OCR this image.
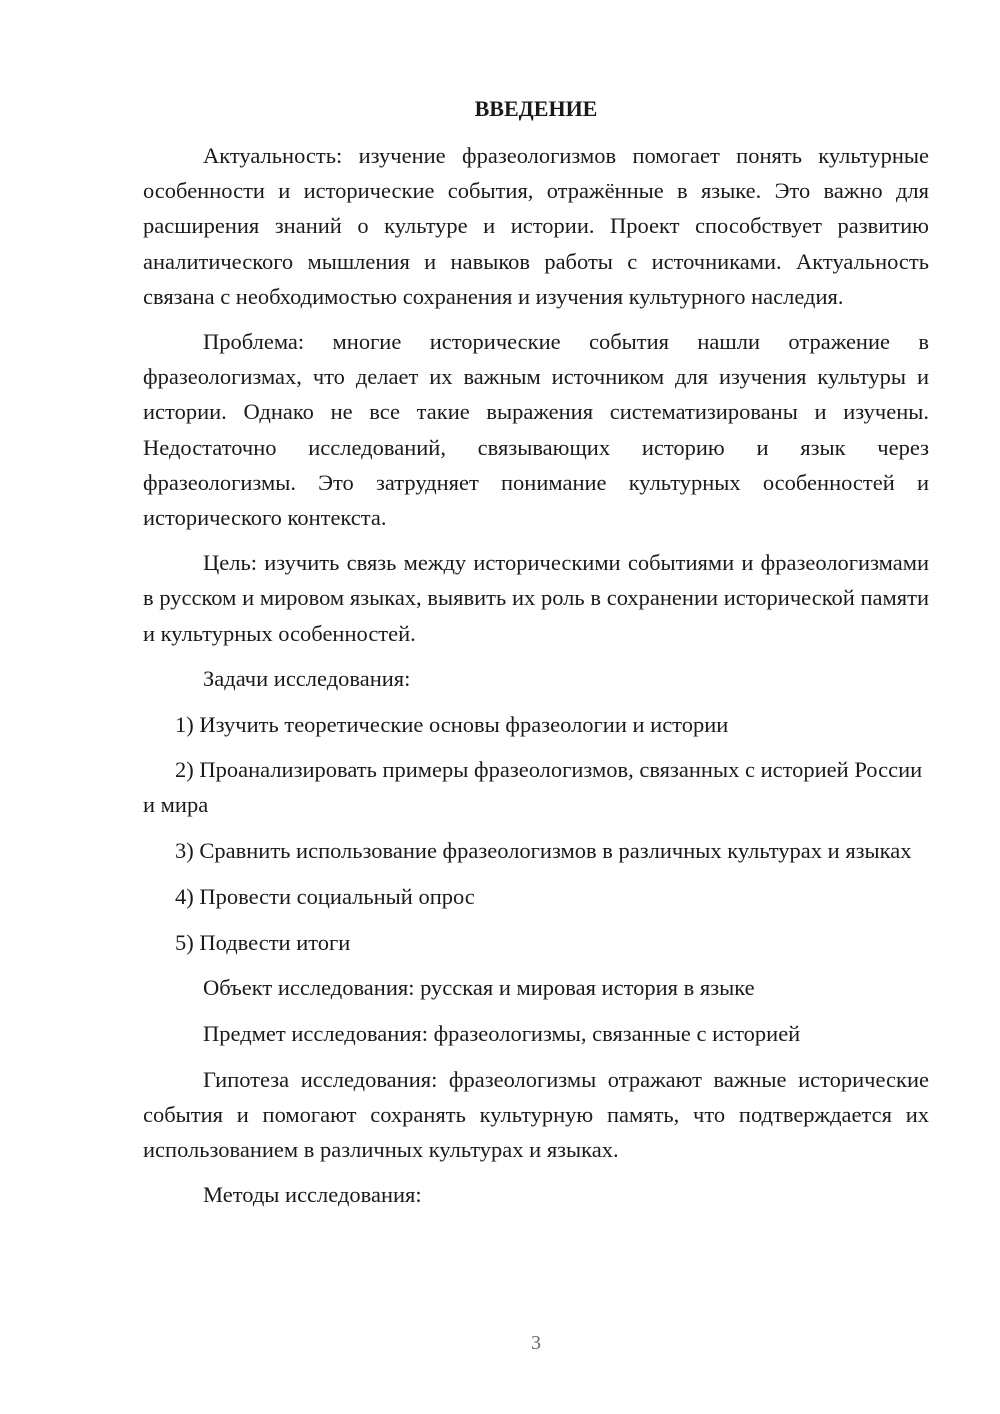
ВВЕДЕНИЕ

Актуальность: изучение фразеологизмов помогает понять культурные особенности и исторические события, отражённые в языке. Это важно для расширения знаний о культуре и истории. Проект способствует развитию аналитического мышления и навыков работы с источниками. Актуальность связана с необходимостью сохранения и изучения культурного наследия.

Проблема: многие исторические события нашли отражение в фразеологизмах, что делает их важным источником для изучения культуры и истории. Однако не все такие выражения систематизированы и изучены. Недостаточно исследований, связывающих историю и язык через фразеологизмы. Это затрудняет понимание культурных особенностей и исторического контекста.

Цель: изучить связь между историческими событиями и фразеологизмами в русском и мировом языках, выявить их роль в сохранении исторической памяти и культурных особенностей.

Задачи исследования:

1) Изучить теоретические основы фразеологии и истории

2) Проанализировать примеры фразеологизмов, связанных с историей России и мира

3) Сравнить использование фразеологизмов в различных культурах и языках

4) Провести социальный опрос

5) Подвести итоги

Объект исследования: русская и мировая история в языке

Предмет исследования: фразеологизмы, связанные с историей

Гипотеза исследования: фразеологизмы отражают важные исторические события и помогают сохранять культурную память, что подтверждается их использованием в различных культурах и языках.

Методы исследования:

3
